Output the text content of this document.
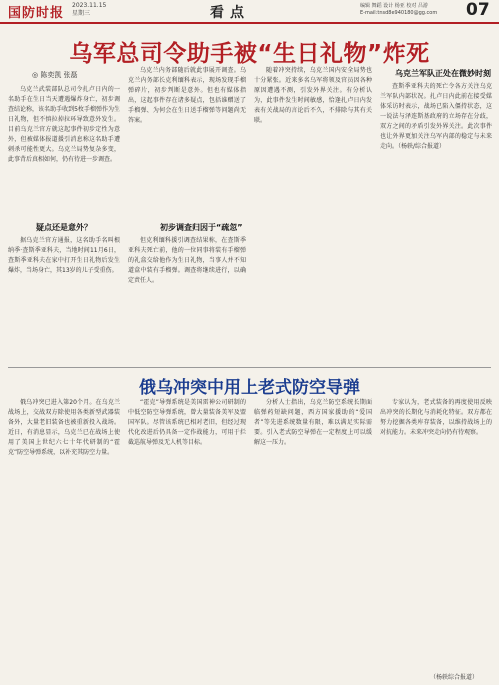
国防时报
2023.11.15
星期三	看点	编辑 舞蹈 设计 杨亚 校对 吕游
E-mail:tnsd8e940180@gg.com	07
乌军总司令助手被“生日礼物”炸死
◎ 陈奕凯 张磊

乌克兰武装部队总司令扎卢日内的一名助手在生日当天遭遇爆炸身亡，初步调查结论称，该名助手收到5枚手榴弹作为生日礼物，但不慎拉掉拉环导致意外发生。目前乌克兰官方就这起事件初步定性为意外，但被媒体报道援引消息称这名助手遭刺杀可能性更大。乌克兰局势复杂多变，此事背后真相如何，仍有待进一步调查。

疑点还是意外？

据乌克兰官方通报，这名助手名叫根纳季·查斯季亚科夫，当地时间11月6日，查斯季亚科夫在家中打开生日礼物后发生爆炸，当场身亡，其13岁的儿子受重伤。

乌克兰内务部随后就此事展开调查。乌克兰内务部长克利缅科表示，现场发现手榴弹碎片，初步判断是意外。但也有媒体指出，这起事件存在诸多疑点，包括谁赠送了手榴弹、为何会在生日送手榴弹等问题尚无答案。

初步调查归因于“疏忽”

但克利缅科援引调查结果称，在查斯季亚科夫死亡前，他的一位同事将装有手榴弹的礼盒交给他作为生日礼物，当事人并不知道盒中装有手榴弹。调查将继续进行，以确定责任人。

随着冲突持续，乌克兰国内安全局势也十分紧张。近来多名乌军将领及官员因各种原因遭遇不测，引发外界关注。有分析认为，此事件发生时间敏感，恰逢扎卢日内发表有关战局的言论后不久，不排除与其有关联。

乌克兰军队正处在微妙时刻

查斯季亚科夫的死亡令各方关注乌克兰军队内部状况。扎卢日内此前在接受媒体采访时表示，战场已陷入僵持状态，这一说法与泽连斯基政府的立场存在分歧，双方之间的矛盾引发外界关注。此次事件也让外界更加关注乌军内部的稳定与未来走向。（杨轶/综合报道）

俄乌冲突中用上老式防空导弹

俄乌冲突已进入第20个月。在乌克兰战场上，交战双方除使用各类新型武器装备外，大量老旧装备也被重新投入战场。近日，有消息显示，乌克兰已在战场上使用了美国上世纪六七十年代研制的“霍克”防空导弹系统，以补充其防空力量。

“霍克”导弹系统是美国雷神公司研制的中低空防空导弹系统，曾大量装备美军及盟国军队。尽管该系统已相对老旧，但经过现代化改进后仍具备一定作战能力，可用于拦截巡航导弹及无人机等目标。

分析人士指出，乌克兰防空系统长期面临弹药短缺问题，西方国家援助的“爱国者”等先进系统数量有限，难以满足实际需要。引入老式防空导弹在一定程度上可以缓解这一压力。

专家认为，老式装备的再度使用反映出冲突的长期化与消耗化特征。双方都在努力挖掘各类库存装备，以维持战场上的对抗能力。未来冲突走向仍有待观察。

（杨轶综合报道）
